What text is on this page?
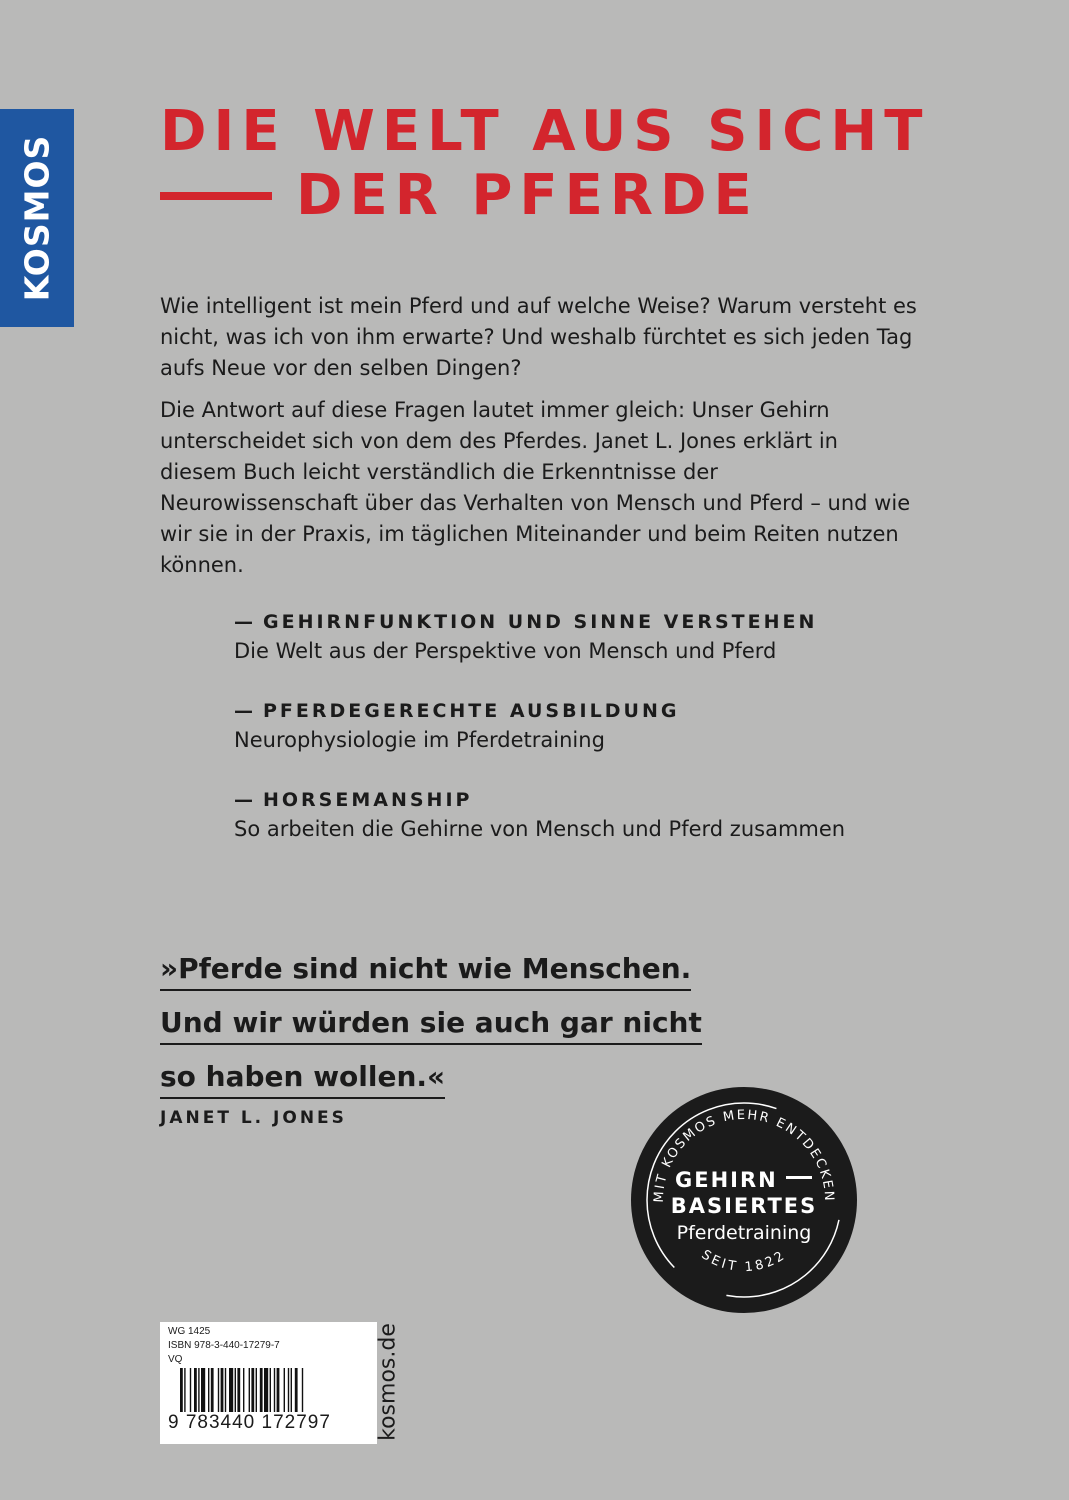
KOSMOS
DIE WELT AUS SICHT
DER PFERDE

Wie intelligent ist mein Pferd und auf welche Weise? Warum versteht es nicht, was ich von ihm erwarte? Und weshalb fürchtet es sich jeden Tag aufs Neue vor den selben Dingen?

Die Antwort auf diese Fragen lautet immer gleich: Unser Gehirn unterscheidet sich von dem des Pferdes. Janet L. Jones erklärt in diesem Buch leicht verständlich die Erkenntnisse der Neurowissenschaft über das Verhalten von Mensch und Pferd – und wie wir sie in der Praxis, im täglichen Miteinander und beim Reiten nutzen können.

— GEHIRNFUNKTION UND SINNE VERSTEHEN
Die Welt aus der Perspektive von Mensch und Pferd
— PFERDEGERECHTE AUSBILDUNG
Neurophysiologie im Pferdetraining
— HORSEMANSHIP
So arbeiten die Gehirne von Mensch und Pferd zusammen
»Pferde sind nicht wie Menschen.
Und wir würden sie auch gar nicht
so haben wollen.«
JANET L. JONES
MIT KOSMOS MEHR ENTDECKEN
SEIT 1822
GEHIRN
BASIERTES
Pferdetraining
WG 1425
ISBN 978-3-440-17279-7
VQ
9 783440 172797 kosmos.de
